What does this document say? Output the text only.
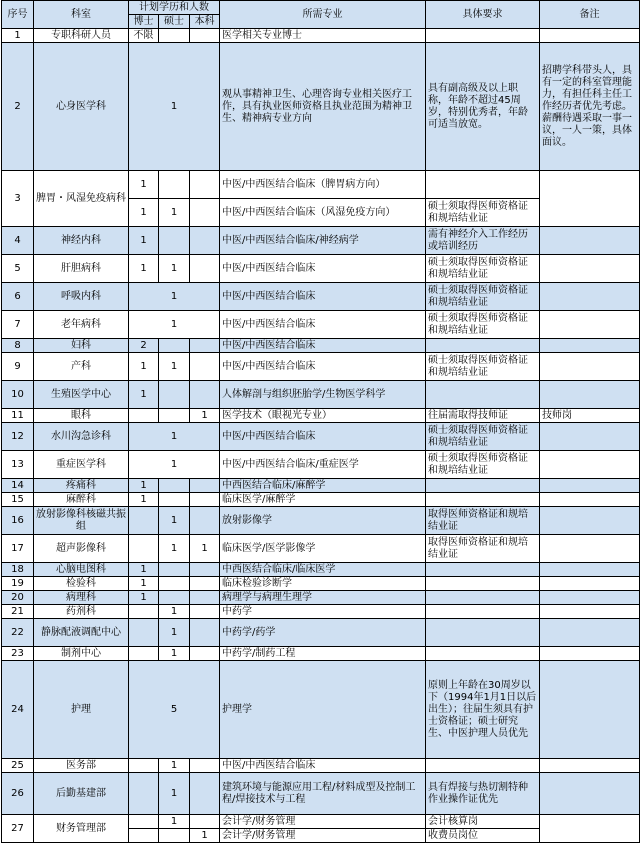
序号	科室	计划学历和人数			所需专业	具体要求	备注
		博士	硕士	本科			
1	专职科研人员	不限			医学相关专业博士		
2	心身医学科	1			观从事精神卫生、心理咨询专业相关医疗工作，具有执业医师资格且执业范围为精神卫生、精神病专业方向	具有副高级及以上职称，年龄不超过45周岁，特别优秀者，年龄可适当放宽。	招聘学科带头人，具有一定的科室管理能力，有担任科主任工作经历者优先考虑。薪酬待遇采取一事一议，一人一策，具体面议。
3	脾胃・风湿免疫病科	1			中医/中西医结合临床（脾胃病方向）		
		1	1		中医/中西医结合临床（风湿免疫方向）	硕士须取得医师资格证和规培结业证	
4	神经内科	1			中医/中西医结合临床/神经病学	需有神经介入工作经历或培训经历	
5	肝胆病科	1	1		中医/中西医结合临床	硕士须取得医师资格证和规培结业证	
6	呼吸内科	1			中医/中西医结合临床	硕士须取得医师资格证和规培结业证	
7	老年病科	1			中医/中西医结合临床	硕士须取得医师资格证和规培结业证	
8	妇科	2			中医/中西医结合临床		
9	产科	1	1		中医/中西医结合临床	硕士须取得医师资格证和规培结业证	
10	生殖医学中心	1			人体解剖与组织胚胎学/生物医学科学		
11	眼科			1	医学技术（眼视光专业）	往届需取得技师证	技师岗
12	水川沟急诊科	1			中医/中西医结合临床	硕士须取得医师资格证和规培结业证	
13	重症医学科	1			中医/中西医结合临床/重症医学	硕士须取得医师资格证和规培结业证	
14	疼痛科	1			中西医结合临床/麻醉学		
15	麻醉科	1			临床医学/麻醉学		
16	放射影像科核磁共振组		1		放射影像学	取得医师资格证和规培结业证	
17	超声影像科		1	1	临床医学/医学影像学	取得医师资格证和规培结业证	
18	心脑电图科	1			中西医结合临床/临床医学		
19	检验科	1			临床检验诊断学		
20	病理科	1			病理学与病理生理学		
21	药剂科		1		中药学		
22	静脉配液调配中心		1		中药学/药学		
23	制剂中心		1		中药学/制药工程		
24	护理	5			护理学	原则上年龄在30周岁以下（1994年1月1日以后出生）；往届生须具有护士资格证；硕士研究生、中医护理人员优先	
25	医务部		1		中医/中西医结合临床		
26	后勤基建部		1		建筑环境与能源应用工程/材料成型及控制工程/焊接技术与工程	具有焊接与热切割特种作业操作证优先	
27	财务管理部		1		会计学/财务管理	会计核算岗	
				1	会计学/财务管理	收费员岗位	
